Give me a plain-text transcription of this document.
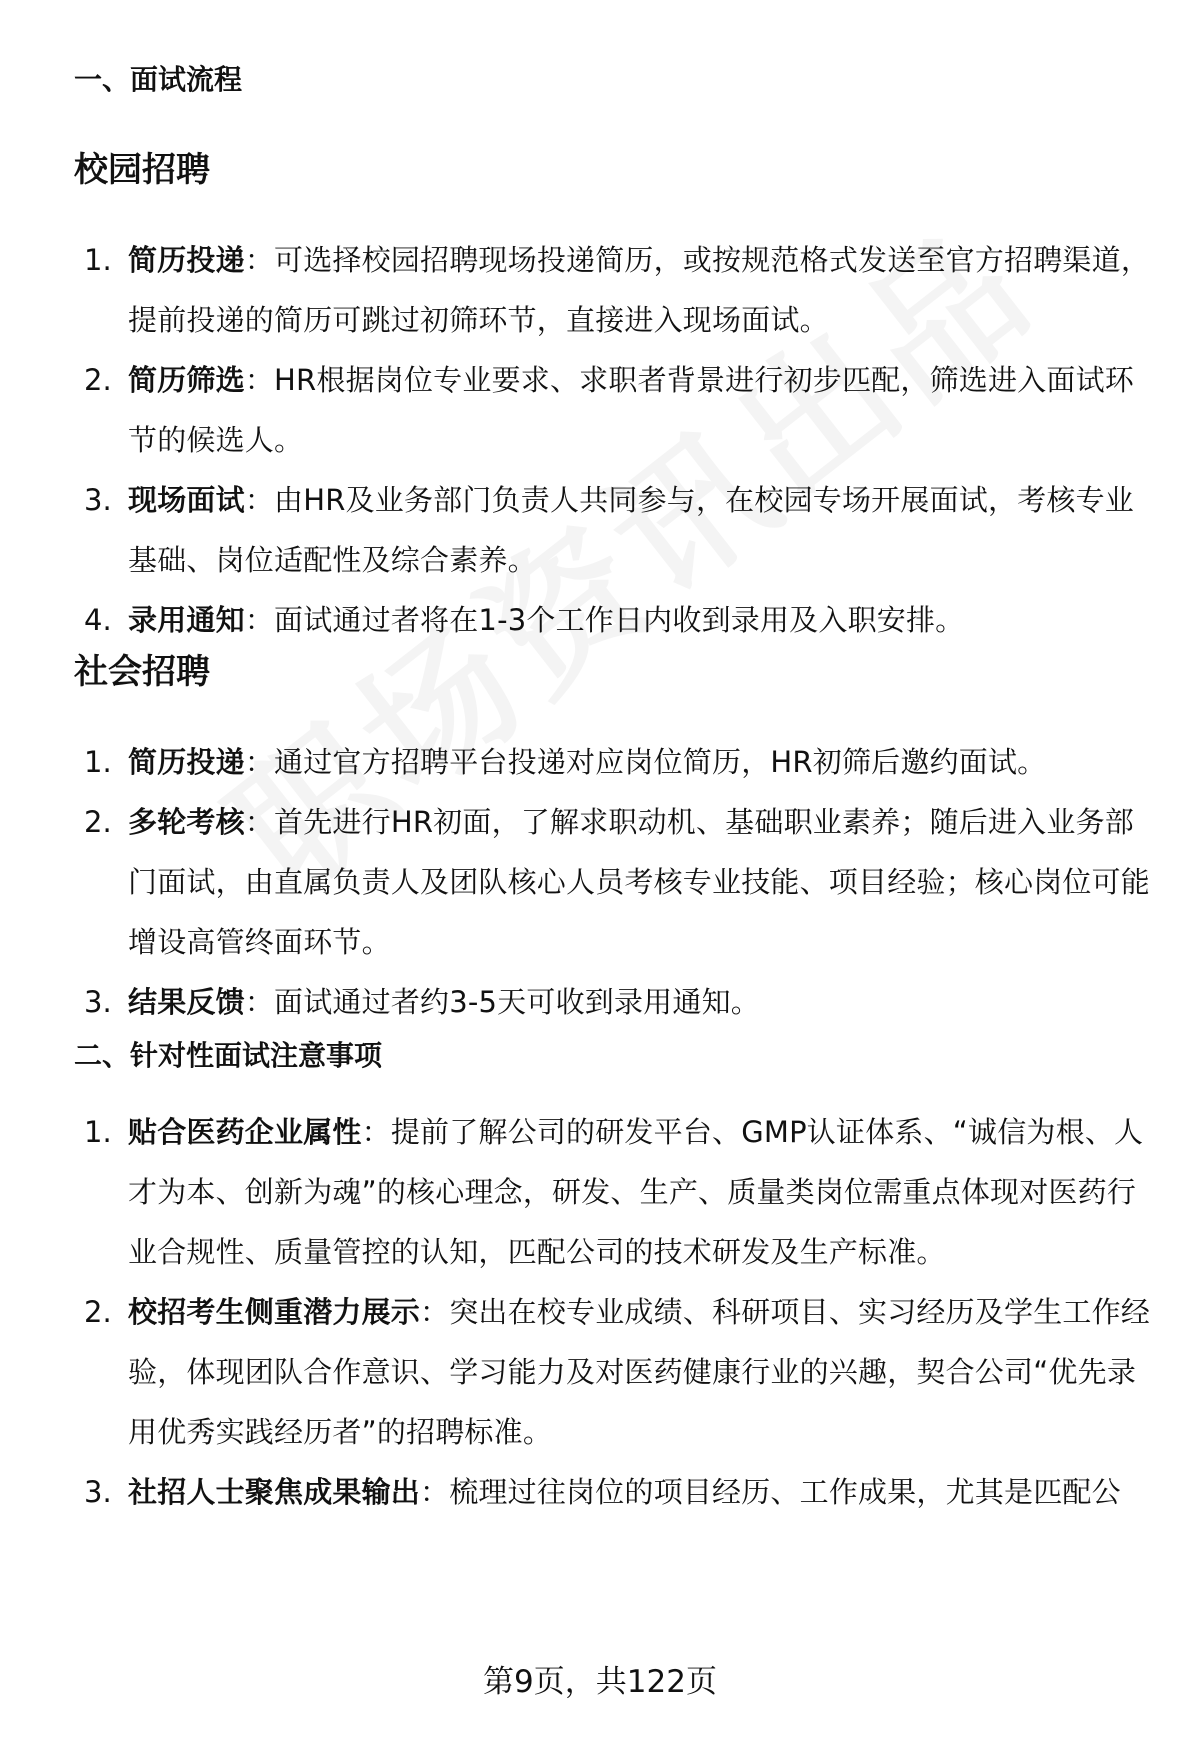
一、面试流程
校园招聘
1. 简历投递：可选择校园招聘现场投递简历，或按规范格式发送至官方招聘渠道，提前投递的简历可跳过初筛环节，直接进入现场面试。
2. 简历筛选：HR根据岗位专业要求、求职者背景进行初步匹配，筛选进入面试环节的候选人。
3. 现场面试：由HR及业务部门负责人共同参与，在校园专场开展面试，考核专业基础、岗位适配性及综合素养。
4. 录用通知：面试通过者将在1-3个工作日内收到录用及入职安排。
社会招聘
1. 简历投递：通过官方招聘平台投递对应岗位简历，HR初筛后邀约面试。
2. 多轮考核：首先进行HR初面，了解求职动机、基础职业素养；随后进入业务部门面试，由直属负责人及团队核心人员考核专业技能、项目经验；核心岗位可能增设高管终面环节。
3. 结果反馈：面试通过者约3-5天可收到录用通知。
二、针对性面试注意事项
1. 贴合医药企业属性：提前了解公司的研发平台、GMP认证体系、“诚信为根、人才为本、创新为魂”的核心理念，研发、生产、质量类岗位需重点体现对医药行业合规性、质量管控的认知，匹配公司的技术研发及生产标准。
2. 校招考生侧重潜力展示：突出在校专业成绩、科研项目、实习经历及学生工作经验，体现团队合作意识、学习能力及对医药健康行业的兴趣，契合公司“优先录用优秀实践经历者”的招聘标准。
3. 社招人士聚焦成果输出：梳理过往岗位的项目经历、工作成果，尤其是匹配公
第9页，共122页
